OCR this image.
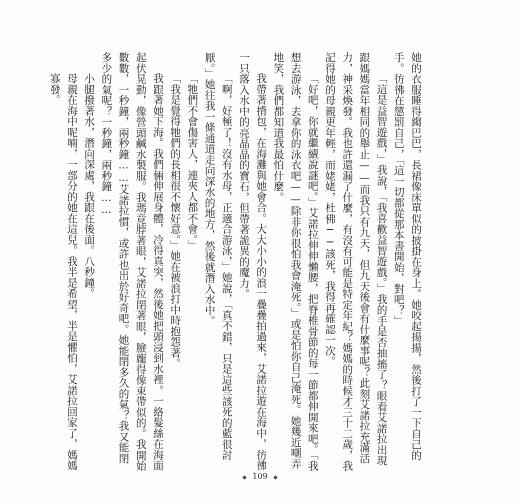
她的衣服睡得縐巴巴，長裙像床單似的披掛在身上。她咬起揚揚，然後打了一下自己的手。彷彿在懲罰自己，「這一切都從那本書開始，對吧？」

「這是益智遊戲，」我說，「我喜歡益智遊戲。」我的手是否抽搐了？眼看艾諾拉出現跟媽媽當年相同的舉止——而我只有九天，但九天後會有什麼事呢？此刻艾諾拉充滿活力，神采煥發。我也許還漏了什麼，有沒有可能是特定年紀？媽媽的時候才三十二歲，我記得她的母親更年輕，而姥姥，杜佛──該死，我得再確認一次。

「好吧，你就繼續說謎吧。」艾諾拉伸伸懶腰，把脊椎骨節的每一節都伸開來吧。「我想去游泳，去拿你的泳衣吧——除非你很怕我會淹死。」或是怕你自己淹死。她幾近嘲弄地笑，我們都知道我最怕什麼。

我帶著揹包，在海灘與她會合。大大小小的浪一疊疊拍過來，艾諾拉遊在海中，彷彿一只落入水中的亮晶晶的寶石，但帶著詭異的魔力。

「啊，好極了！沒有水母，正適合游泳，」她說，「真不錯，只是這些該死的藍很討厭。」她往我一條通道走向深水的地方，然後就潛入水中。

「牠們不會傷害人，連夾人都不會。」

「我是覺得牠們的長相很不懷好意。」她在被浪打中時抱怨著。

我跟著她下海。我們倆伸展身體，冷得真突，然後她把頭浸到水裡。一絡髮絲在海面起伏晃動，像營頭鹹水製服。我瑪竟脖著眼，艾諾拉閉著眼，臉龐得像束帶似的。我開始數數，一秒鐘，兩秒鐘……艾諾拉慣，或許也出於好奇吧。她能閉多久的氣？我又能閉多少的氣呢？一秒鐘，兩秒鐘……

小腿撥著水，潛向深處，我跟在後面。八秒鐘。

母親在海中呢喃，一部分的她在這兒。我半是希望，半是懼怕，艾諾拉回家了，媽媽

寡發。

109
